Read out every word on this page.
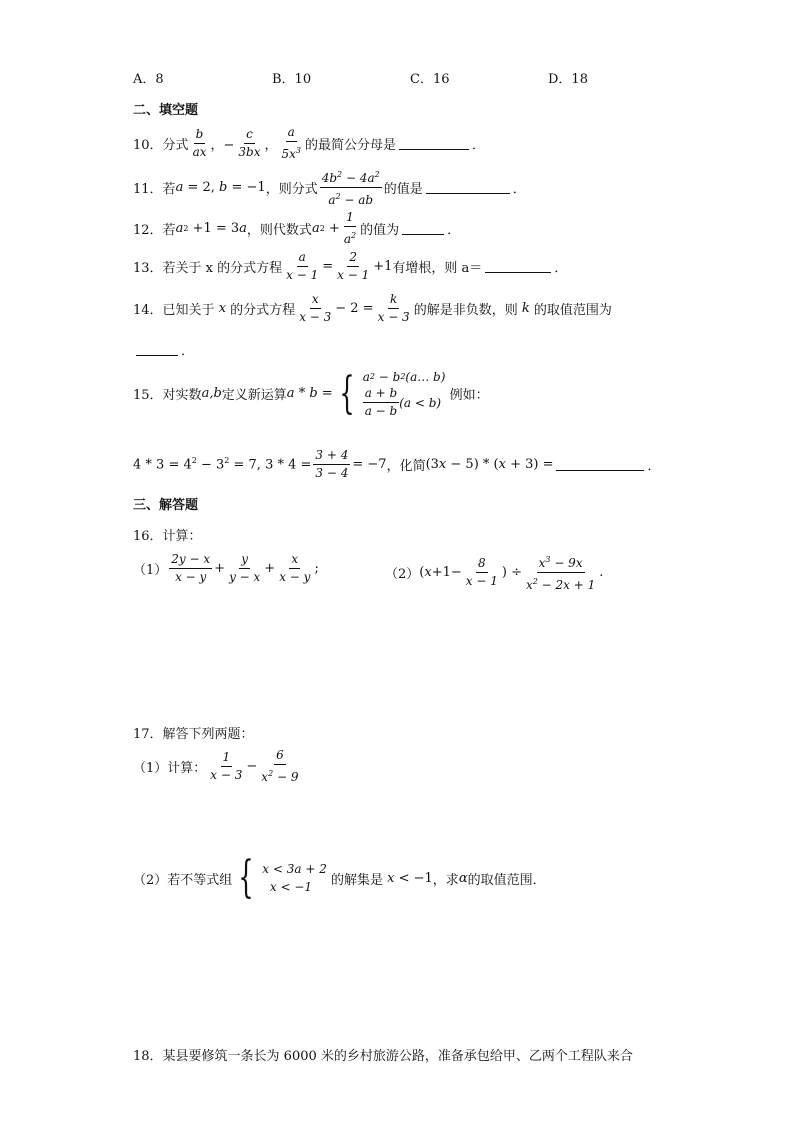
A．8	B．10	C．16	D．18
二、填空题
10． 分式 $\frac{b}{ax}$ ，− $\frac{c}{3bx}$ ， $\frac{a}{5x^3}$ 的最简公分母是	．
11． 若 a = 2, b = −1 ，则分式 $\frac{4b^2 - 4a^2}{a^2 - ab}$ 的值是	．
12． 若 a 2 +1 = 3 a ，则代数式 a $2 + \frac{1}{a^2}$ 的值为	．
13． 若关于 x 的分式方程 $\frac{a}{x - 1} = \frac{2}{x - 1} +1$ 有增根，则 a＝	．
14． 已知关于 x 的分式方程 $\frac{x}{x - 3} - 2 = \frac{k}{x - 3}$ 的解是非负数，则 k 的取值范围为
．
15． 对实数 a,b 定义新运算 a * b = { a 2 − b 2 (a… b)
$\frac{a + b}{a - b} (a < b)$
例如：
$4 * 3 = 4^2 - 3^2 = 7$, $3 * 4 = \frac{3 + 4}{3 - 4} = -7$ ，化简 (3 x − 5) * ( x + 3) =	．
三、解答题
16． 计算：
$(1) \frac{2y - x}{x - y} + \frac{y}{y - x} + \frac{x}{x - y}$ ;	（2） ( $x +1- \frac{8}{x - 1}$ ) ÷ $\frac{x^3 - 9x}{x^2 - 2x + 1}$ .
17． 解答下列两题：
（1）计算： $\frac{1}{x - 3} - \frac{6}{x^2 - 9}$
（2）若不等式组 { x < 3a + 2
x < −1
	的解集是 x < −1 ，求 α 的取值范围．
18． 某县要修筑一条长为 6000 米的乡村旅游公路，准备承包给甲、乙两个工程队来合
